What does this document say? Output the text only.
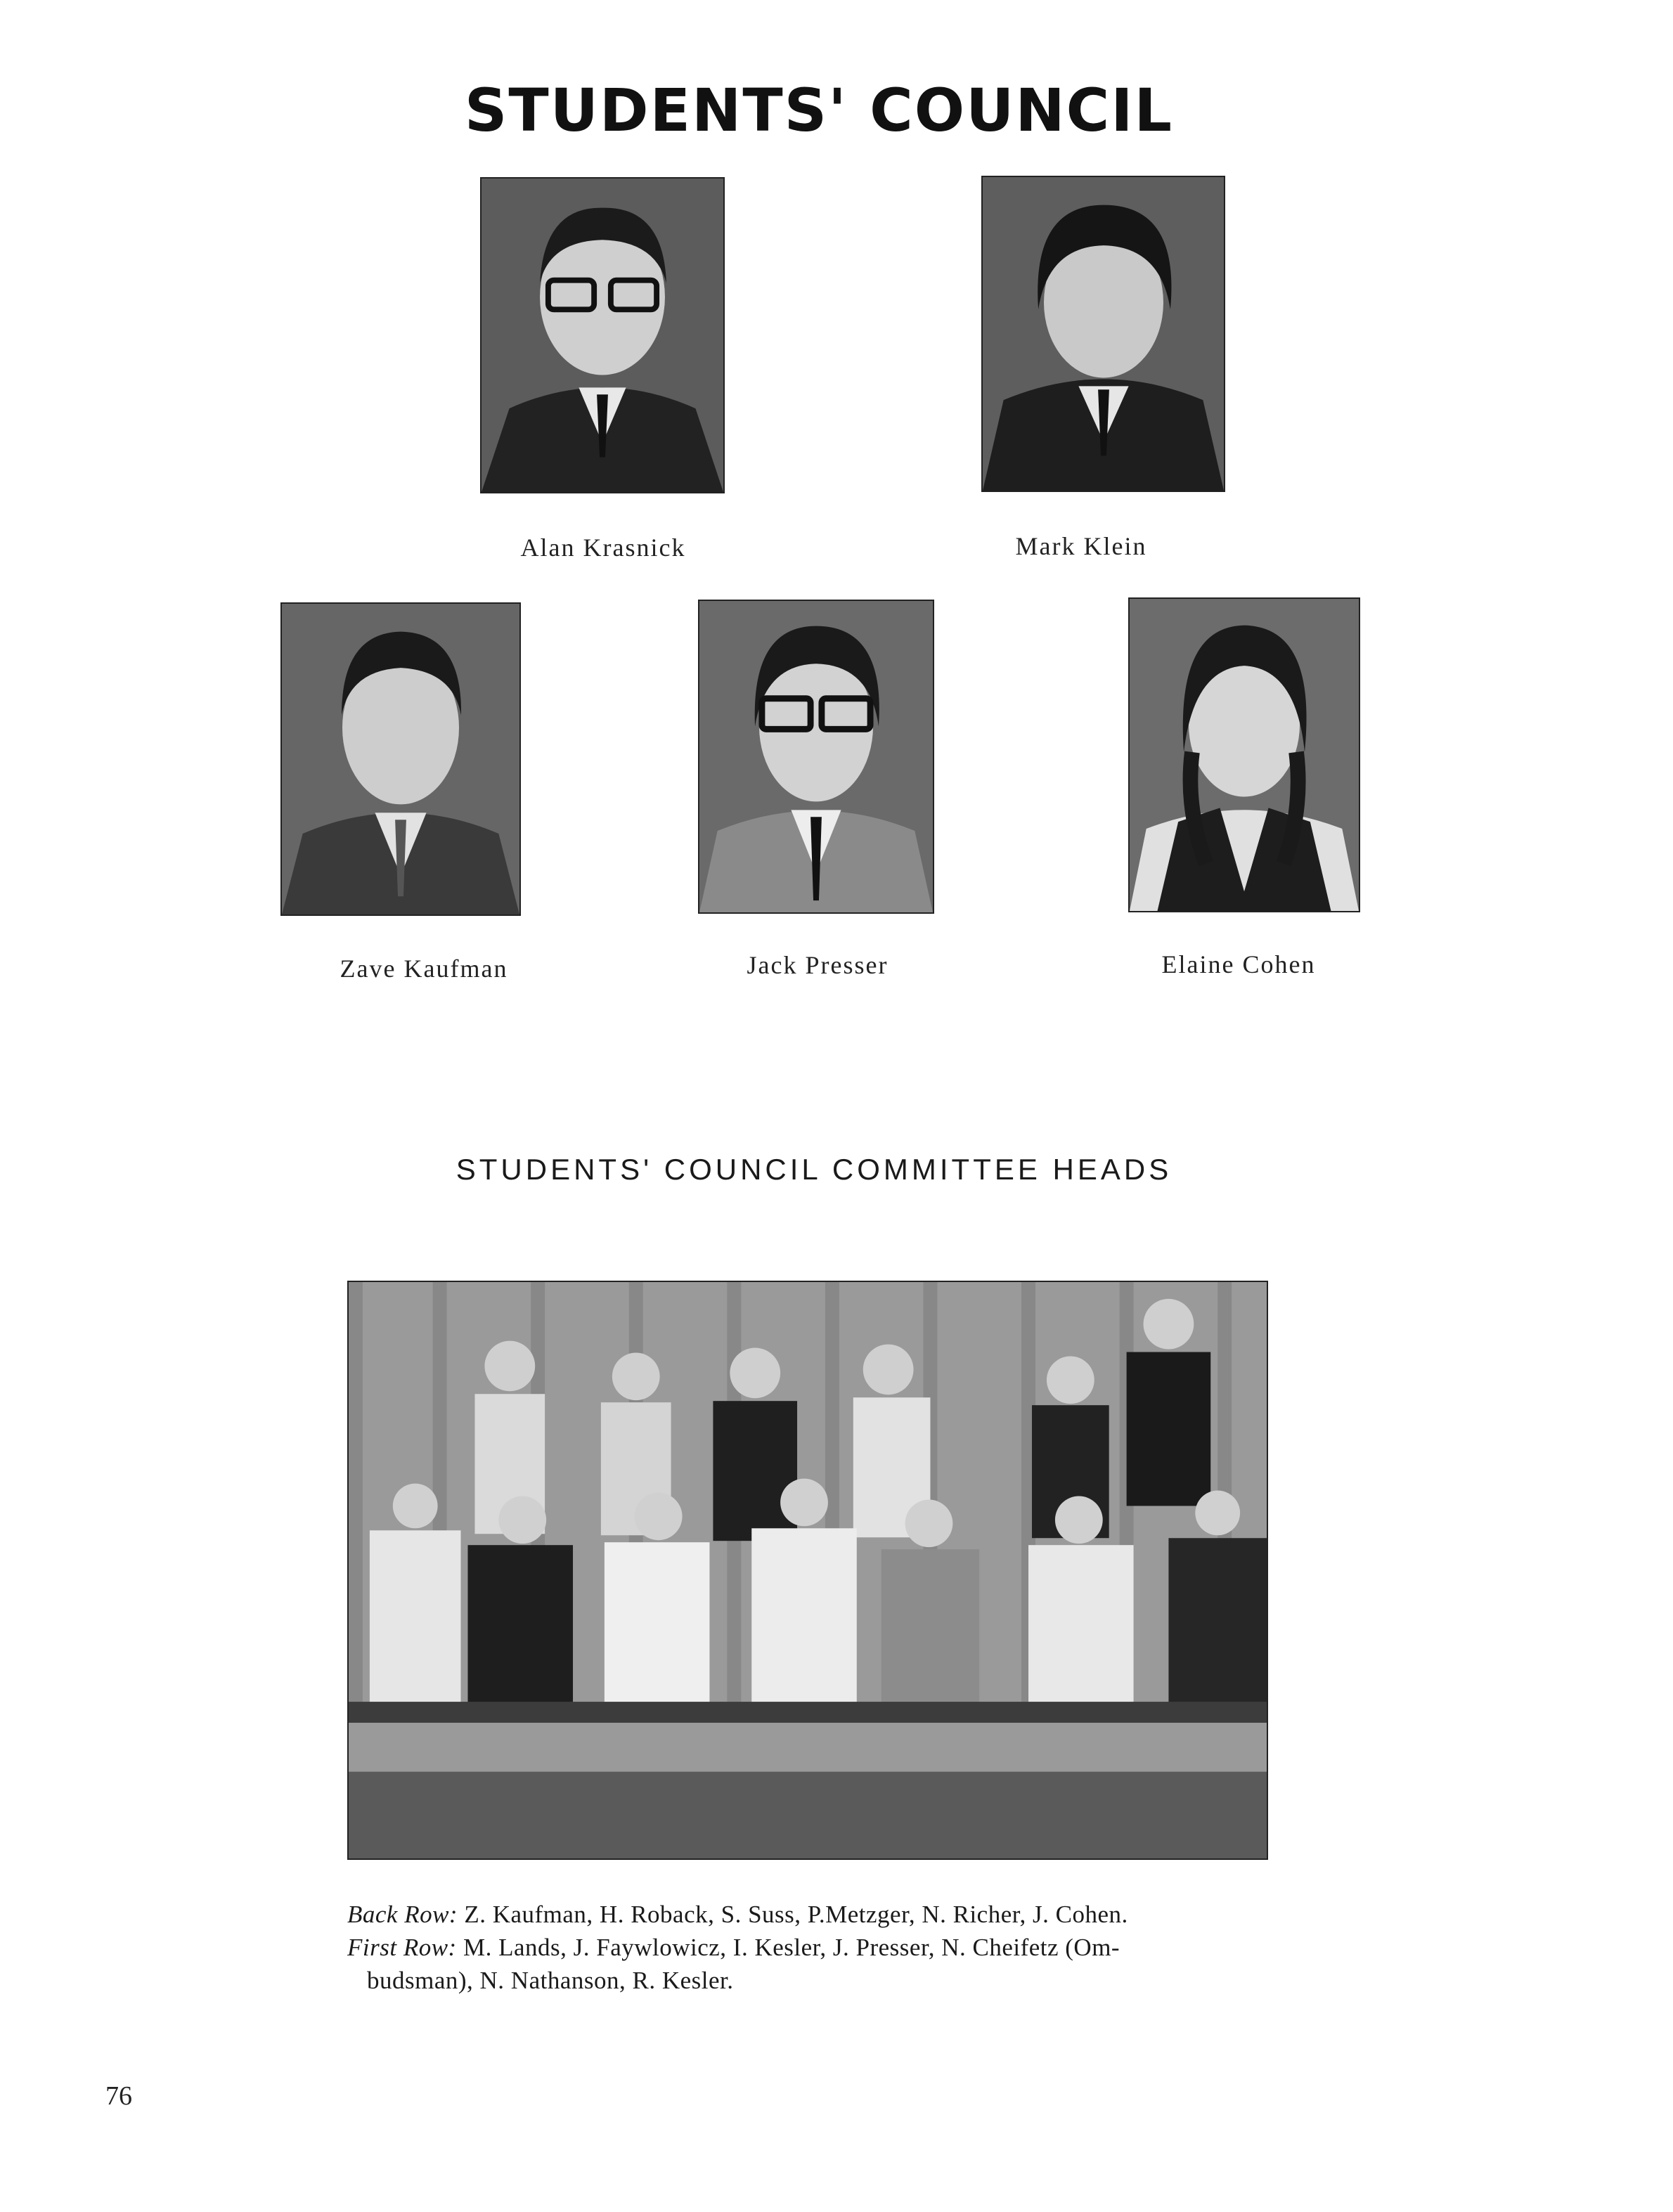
STUDENTS' COUNCIL
Alan Krasnick	Mark Klein
Zave Kaufman	Jack Presser	Elaine Cohen
STUDENTS' COUNCIL COMMITTEE HEADS
Back Row: Z. Kaufman, H. Roback, S. Suss, P.Metzger, N. Richer, J. Cohen.
First Row: M. Lands, J. Faywlowicz, I. Kesler, J. Presser, N. Cheifetz (Om-
budsman), N. Nathanson, R. Kesler.
76
